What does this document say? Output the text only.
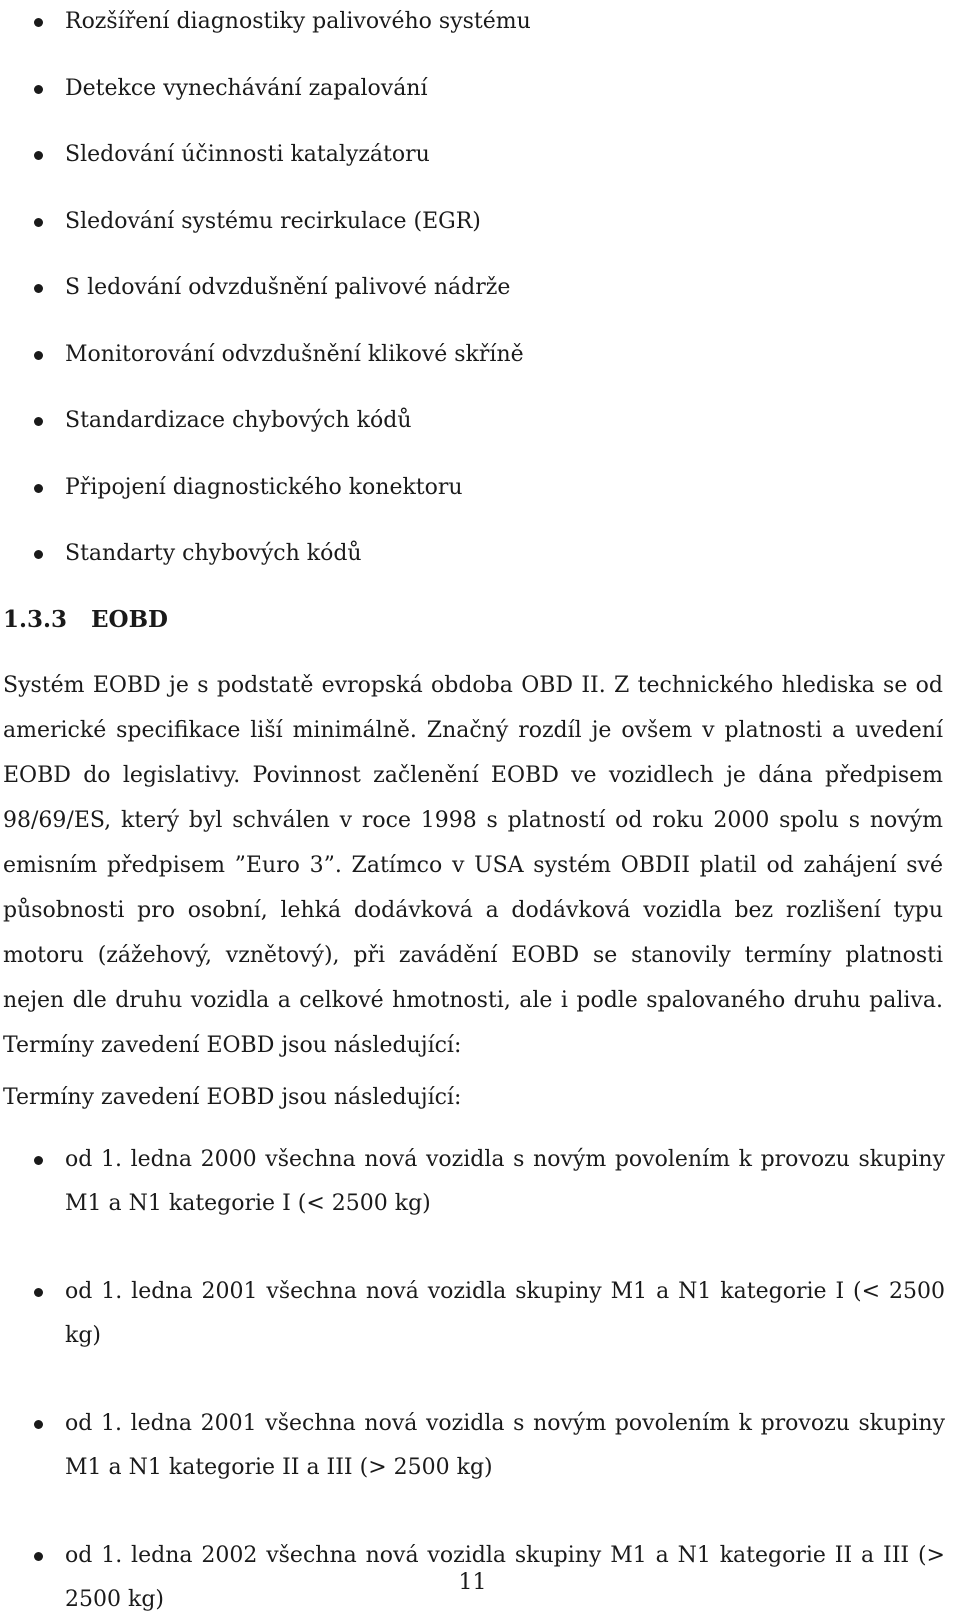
Rozšíření diagnostiky palivového systému
Detekce vynechávání zapalování
Sledování účinnosti katalyzátoru
Sledování systému recirkulace (EGR)
S ledování odvzdušnění palivové nádrže
Monitorování odvzdušnění klikové skříně
Standardizace chybových kódů
Připojení diagnostického konektoru
Standarty chybových kódů
1.3.3 EOBD

Systém EOBD je s podstatě evropská obdoba OBD II. Z technického hlediska se od americké specifikace liší minimálně. Značný rozdíl je ovšem v platnosti a uvedení EOBD do legislativy. Povinnost začlenění EOBD ve vozidlech je dána předpisem 98/69/ES, který byl schválen v roce 1998 s platností od roku 2000 spolu s novým emisním předpisem ”Euro 3”. Zatímco v USA systém OBDII platil od zahájení své působnosti pro osobní, lehká dodávková a dodávková vozidla bez rozlišení typu motoru (zážehový, vznětový), při zavádění EOBD se stanovily termíny platnosti nejen dle druhu vozidla a celkové hmotnosti, ale i podle spalovaného druhu paliva. Termíny zavedení EOBD jsou následující:

Termíny zavedení EOBD jsou následující:

od 1. ledna 2000 všechna nová vozidla s novým povolením k provozu skupiny M1 a N1 kategorie I (< 2500 kg)
od 1. ledna 2001 všechna nová vozidla skupiny M1 a N1 kategorie I (< 2500 kg)
od 1. ledna 2001 všechna nová vozidla s novým povolením k provozu skupiny M1 a N1 kategorie II a III (> 2500 kg)
od 1. ledna 2002 všechna nová vozidla skupiny M1 a N1 kategorie II a III (> 2500 kg)
11
